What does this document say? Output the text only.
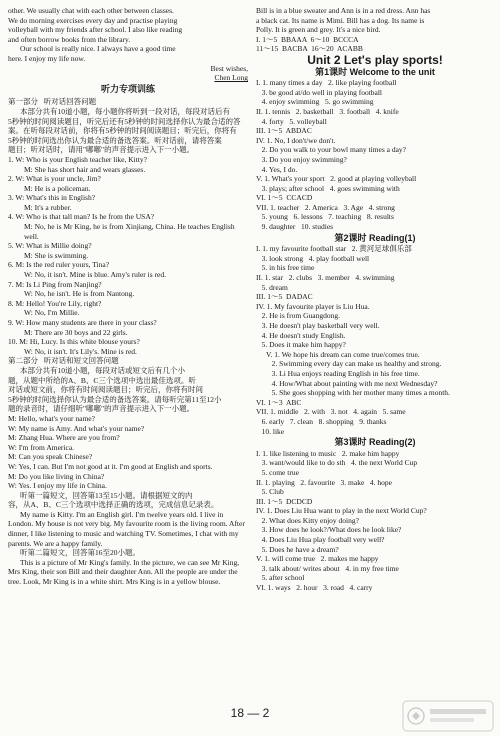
other. We usually chat with each other between classes.

We do morning exercises every day and practise playing

volleyball with my friends after school. I also like reading

and often borrow books from the library.

Our school is really nice. I always have a good time

here. I enjoy my life now.

Best wishes,

Chen Long

听力专项训练

第一部分   听对话回答问题

本部分共有10道小题，每小题你将听到一段对话，每段对话后有

5秒钟的时间阅读题目，听完后还有5秒钟的时间选择你认为最合适的答

案。在听每段对话前，你将有5秒钟的时间阅读题目；听完后，你将有

5秒钟的时间选出你认为最合适的备选答案。听对话前，请将答案

题目；听对话时，请用"嘟嘟"的声音提示进入下一小题。

1. W: Who is your English teacher like, Kitty?

M: She has short hair and wears glasses.

2. W: What is your uncle, Jim?

M: He is a policeman.

3. W: What's this in English?

M: It's a rubber.

4. W: Who is that tall man? Is he from the USA?

M: No, he is Mr King, he is from Xinjiang, China. He teaches English well.

5. W: What is Millie doing?

M: She is swimming.

6. M: Is the red ruler yours, Tina?

W: No, it isn't. Mine is blue. Amy's ruler is red.

7. M: Is Li Ping from Nanjing?

W: No, he isn't. He is from Nantong.

8. M: Hello! You're Lily, right?

W: No, I'm Millie.

9. W: How many students are there in your class?

M: There are 30 boys and 22 girls.

10. M: Hi, Lucy. Is this white blouse yours?

W: No, it isn't. It's Lily's. Mine is red.

第二部分   听对话和短文回答问题

本部分共有10道小题，每段对话或短文后有几个小

题，从题中所给的A、B、C三个选项中选出最佳选项。听

对话或短文前，你将有时间阅读题目；听完后，你将有时间

5秒钟的时间选择你认为最合适的备选答案。请每听完第11至12小

题的录音时，请仔细听"嘟嘟"的声音提示进入下一小题。

M: Hello, what's your name?

W: My name is Amy. And what's your name?

M: Zhang Hua. Where are you from?

W: I'm from America.

M: Can you speak Chinese?

W: Yes, I can. But I'm not good at it. I'm good at English and sports.

M: Do you like living in China?

W: Yes. I enjoy my life in China.

听第一篇短文，回答第13至15小题。请根据短文的内

容，从A、B、C三个选项中选择正确的选项，完成信息记录表。

My name is Kitty. I'm an English girl. I'm twelve years old. I live in London. My house is not very big. My favourite room is the living room. After dinner, I like listening to music and watching TV. Sometimes, I chat with my parents. We are a happy family.

听第二篇短文，回答第16至20小题。

This is a picture of Mr King's family. In the picture, we can see Mr King, Mrs King, their son Bill and their daughter Ann. All the people are under the tree. Look, Mr King is in a white shirt. Mrs King is in a yellow blouse.

Bill is in a blue sweater and Ann is in a red dress. Ann has

a black cat. Its name is Mimi. Bill has a dog. Its name is

Polly. It is green and grey. It's a nice bird.

I. 1～5  BBAAA  6～10  BCCCA

11～15  BACBA  16～20  ACABB

Unit 2 Let's play sports!
第1课时 Welcome to the unit

I. 1. many times a day   2. like playing football

3. be good at/do well in playing football

4. enjoy swimming   5. go swimming

II. 1. tennis   2. basketball   3. football   4. knife

4. forty   5. volleyball

III. 1～5  ABDAC

IV. 1. No, I don't/we don't.

2. Do you walk to your bowl many times a day?

3. Do you enjoy swimming?

4. Yes, I do.

V. 1. What's your sport   2. good at playing volleyball

3. plays; after school   4. goes swimming with

VI. 1～5  CCACD

VII. 1. teacher   2. America   3. Age   4. strong

5. young   6. lessons   7. teaching   8. results

9. daughter   10. studies

第2课时 Reading(1)

I. 1. my favourite football star   2. 黄河足球俱乐部

3. look strong   4. play football well

5. in his free time

II. 1. star   2. clubs   3. member   4. swimming

5. dream

III. 1～5  DADAC

IV. 1. My favourite player is Liu Hua.

2. He is from Guangdong.

3. He doesn't play basketball very well.

4. He doesn't study English.

5. Does it make him happy?

V. 1. We hope his dream can come true/comes true.

2. Swimming every day can make us healthy and strong.

3. Li Hua enjoys reading English in his free time.

4. How/What about painting with me next Wednesday?

5. She goes shopping with her mother many times a month.

VI. 1～3  ABC

VII. 1. middle   2. with   3. not   4. again   5. same

6. early   7. clean   8. shopping   9. thanks

10. like

第3课时 Reading(2)

I. 1. like listening to music   2. make him happy

3. want/would like to do sth   4. the next World Cup

5. come true

II. 1. playing   2. favourite   3. make   4. hope

5. Club

III. 1～5  DCDCD

IV. 1. Does Liu Hua want to play in the next World Cup?

2. What does Kitty enjoy doing?

3. How does he look?/What does he look like?

4. Does Liu Hua play football very well?

5. Does he have a dream?

V. 1. will come true   2. makes me happy

3. talk about/ writes about   4. in my free time

5. after school

VI. 1. ways   2. hour   3. road   4. carry

18 — 2
